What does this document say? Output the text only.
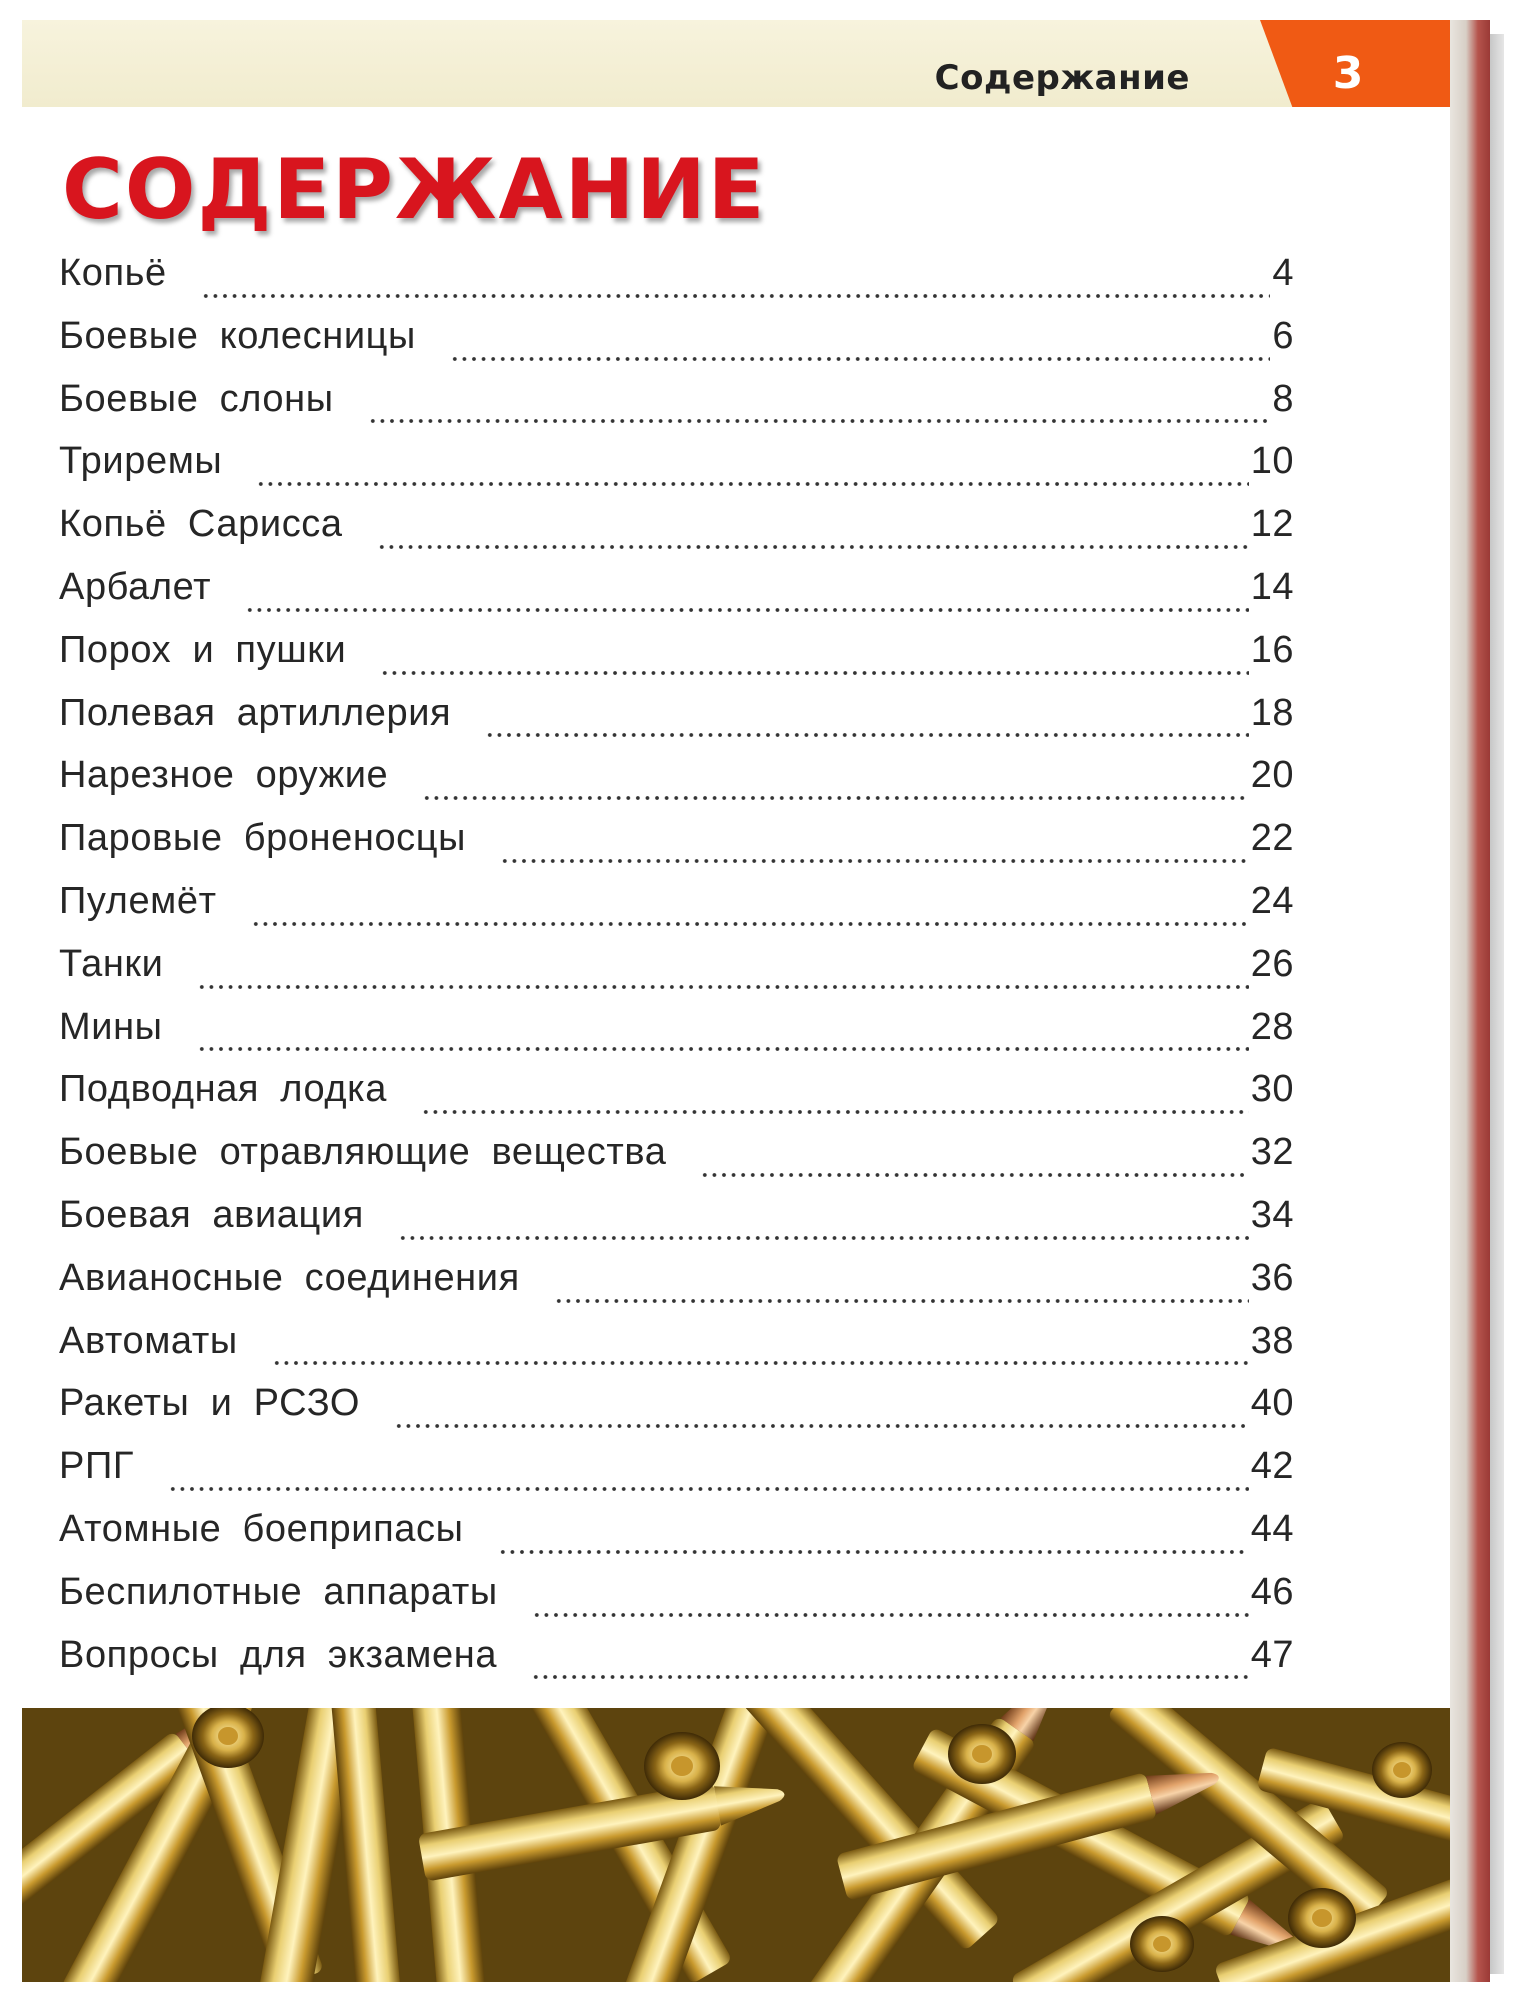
Содержание	3
СОДЕРЖАНИЕ
Копьё	4
Боевые колесницы	6
Боевые слоны	8
Триремы	10
Копьё Сарисса	12
Арбалет	14
Порох и пушки	16
Полевая артиллерия	18
Нарезное оружие	20
Паровые броненосцы	22
Пулемёт	24
Танки	26
Мины	28
Подводная лодка	30
Боевые отравляющие вещества	32
Боевая авиация	34
Авианосные соединения	36
Автоматы	38
Ракеты и РСЗО	40
РПГ	42
Атомные боеприпасы	44
Беспилотные аппараты	46
Вопросы для экзамена	47
